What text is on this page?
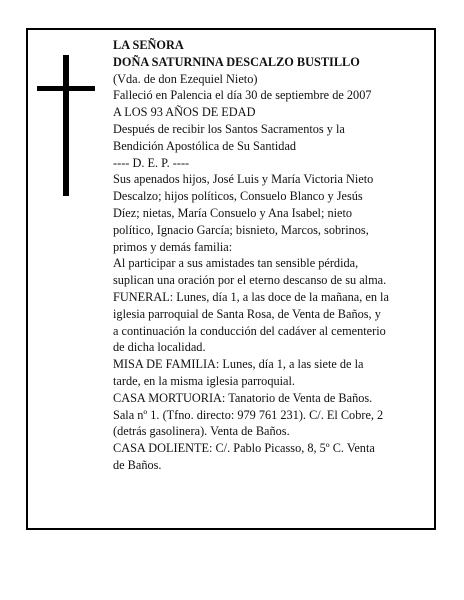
LA SEÑORA
DOÑA SATURNINA DESCALZO BUSTILLO
(Vda. de don Ezequiel Nieto)
Falleció en Palencia el día 30 de septiembre de 2007
A LOS 93 AÑOS DE EDAD
Después de recibir los Santos Sacramentos y la
Bendición Apostólica de Su Santidad
---- D. E. P. ----
Sus apenados hijos, José Luis y María Victoria Nieto
Descalzo; hijos políticos, Consuelo Blanco y Jesús
Díez; nietas, María Consuelo y Ana Isabel; nieto
político, Ignacio García; bisnieto, Marcos, sobrinos,
primos y demás familia:
Al participar a sus amistades tan sensible pérdida,
suplican una oración por el eterno descanso de su alma.
FUNERAL: Lunes, día 1, a las doce de la mañana, en la
iglesia parroquial de Santa Rosa, de Venta de Baños, y
a continuación la conducción del cadáver al cementerio
de dicha localidad.
MISA DE FAMILIA: Lunes, día 1, a las siete de la
tarde, en la misma iglesia parroquial.
CASA MORTUORIA: Tanatorio de Venta de Baños.
Sala nº 1. (Tfno. directo: 979 761 231). C/. El Cobre, 2
(detrás gasolinera). Venta de Baños.
CASA DOLIENTE: C/. Pablo Picasso, 8, 5º C. Venta
de Baños.
